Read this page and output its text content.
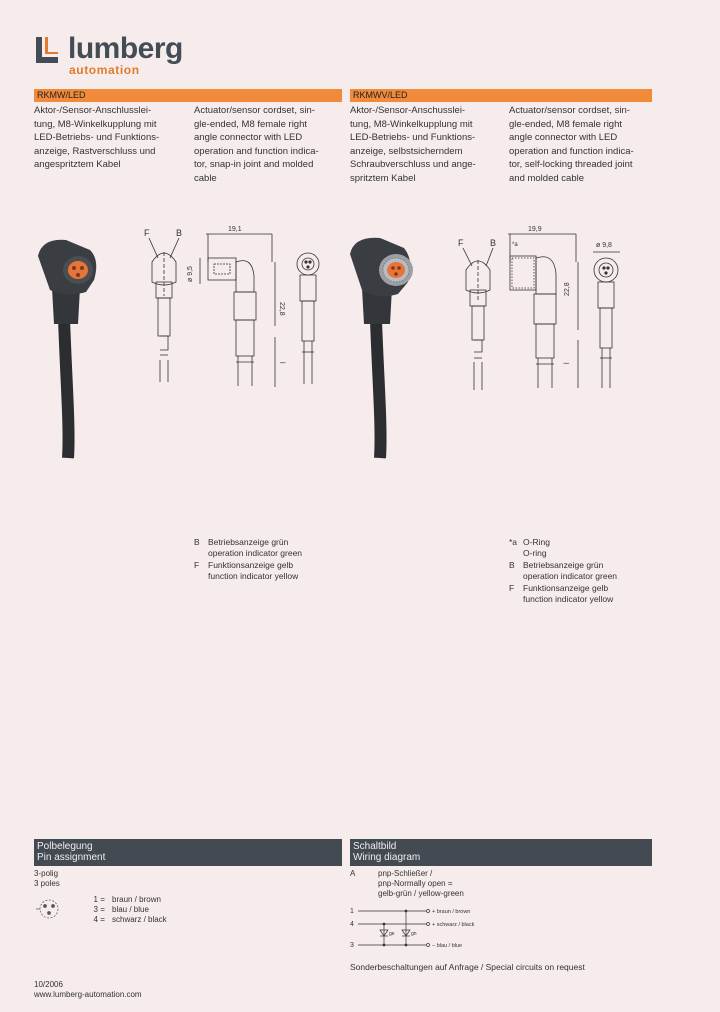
lumberg
automation
RKMW/LED	RKMWV/LED
Aktor-/Sensor-Anschlusslei-
tung, M8-Winkelkupplung mit
LED-Betriebs- und Funktions-
anzeige, Rastverschluss und
angespritztem Kabel
Actuator/sensor cordset, sin-
gle-ended, M8 female right
angle connector with LED
operation and function indica-
tor, snap-in joint and molded
cable
Aktor-/Sensor-Anschusslei-
tung, M8-Winkelkupplung mit
LED-Betriebs- und Funktions-
anzeige, selbstsicherndem
Schraubverschluss und ange-
spritztem Kabel
Actuator/sensor cordset, sin-
gle-ended, M8 female right
angle connector with LED
operation and function indica-
tor, self-locking threaded joint
and molded cable
F	B	19,1
ø 9,5
22,8
l
F	B
19,9
*a
22,8
l
ø 9,8
B Betriebsanzeige grün
operation indicator green
F	Funktionsanzeige gelb
function indicator yellow
*a O-Ring
O-ring
B Betriebsanzeige grün
operation indicator green
F	Funktionsanzeige gelb
function indicator yellow
Polbelegung
Pin assignment
3-polig
3 poles
1 = braun / brown
3 = blau / blue
4 = schwarz / black
Schaltbild
Wiring diagram
A	pnp-Schließer /
pnp-Normally open =
gelb-grün / yellow-green
1
4
3
+ braun / brown
+ schwarz / black
− blau / blue
ge	gn
Sonderbeschaltungen auf Anfrage / Special circuits on request
10/2006
www.lumberg-automation.com
